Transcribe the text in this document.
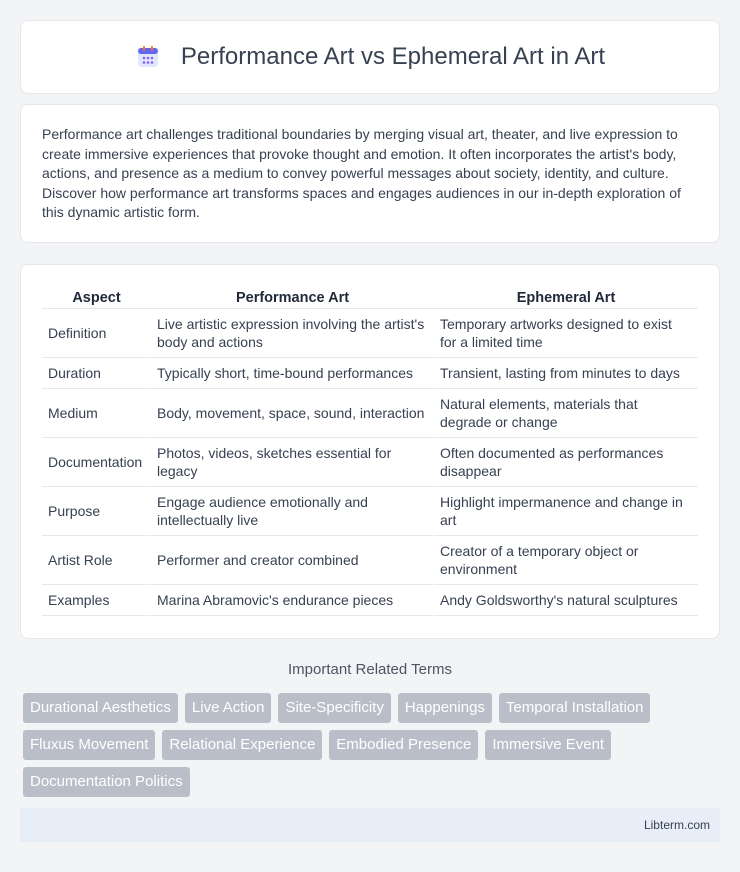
Performance Art vs Ephemeral Art in Art

Performance art challenges traditional boundaries by merging visual art, theater, and live expression to create immersive experiences that provoke thought and emotion. It often incorporates the artist's body, actions, and presence as a medium to convey powerful messages about society, identity, and culture. Discover how performance art transforms spaces and engages audiences in our in-depth exploration of this dynamic artistic form.

Aspect	Performance Art	Ephemeral Art
Definition	Live artistic expression involving the artist's body and actions	Temporary artworks designed to exist for a limited time
Duration	Typically short, time-bound performances	Transient, lasting from minutes to days
Medium	Body, movement, space, sound, interaction	Natural elements, materials that degrade or change
Documentation	Photos, videos, sketches essential for legacy	Often documented as performances disappear
Purpose	Engage audience emotionally and intellectually live	Highlight impermanence and change in art
Artist Role	Performer and creator combined	Creator of a temporary object or environment
Examples	Marina Abramovic's endurance pieces	Andy Goldsworthy's natural sculptures
Important Related Terms
Durational Aesthetics	Live Action	Site-Specificity	Happenings	Temporal Installation
Fluxus Movement	Relational Experience	Embodied Presence	Immersive Event
Documentation Politics
Libterm.com
